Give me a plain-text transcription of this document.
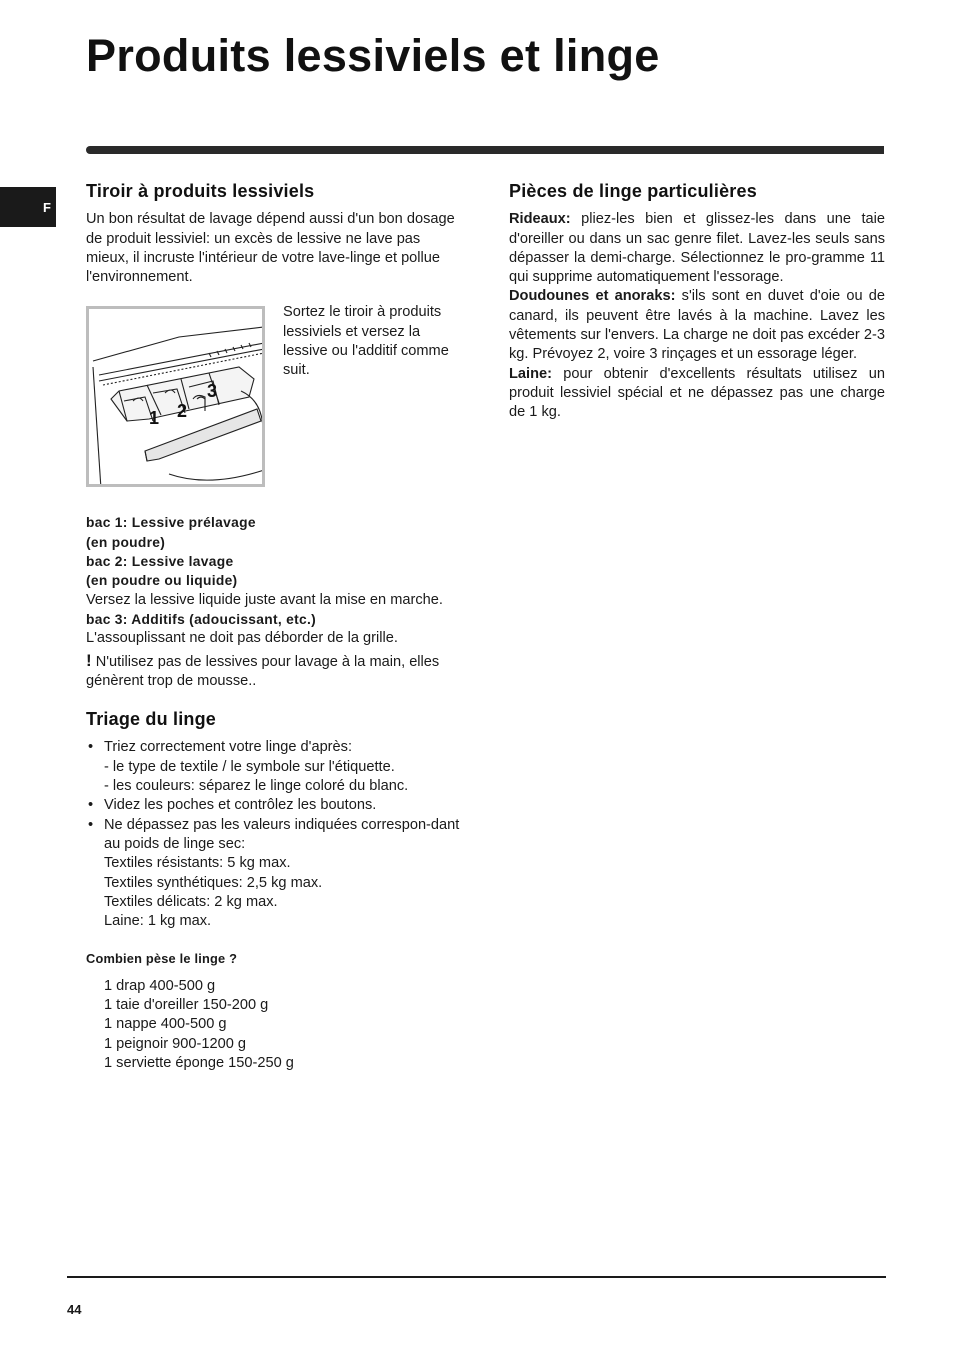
Produits lessiviels et linge
F
Tiroir à produits lessiviels

Un bon résultat de lavage dépend aussi d'un bon dosage de produit lessiviel: un excès de lessive ne lave pas mieux, il incruste l'intérieur de votre lave-linge et pollue l'environnement.

1 2
3

Sortez le tiroir à produits lessiviels et versez la lessive ou l'additif comme suit.

bac 1: Lessive prélavage

(en poudre)

bac 2: Lessive lavage

(en poudre ou liquide)

Versez la lessive liquide juste avant la mise en marche.

bac 3: Additifs (adoucissant, etc.)

L'assouplissant ne doit pas déborder de la grille.

! N'utilisez pas de lessives pour lavage à la main, elles génèrent trop de mousse..

Triage du linge
• Triez correctement votre linge d'après:
- le type de textile / le symbole sur l'étiquette.
- les couleurs: séparez le linge coloré du blanc.
• Videz les poches et contrôlez les boutons.
• Ne dépassez pas les valeurs indiquées correspon-dant au poids de linge sec:
Textiles résistants: 5 kg max.
Textiles synthétiques: 2,5 kg max.
Textiles délicats: 2 kg max.
Laine: 1 kg max.

Combien pèse le linge ?

1 drap 400-500 g

1 taie d'oreiller 150-200 g

1 nappe 400-500 g

1 peignoir 900-1200 g

1 serviette éponge 150-250 g

Pièces de linge particulières

Rideaux: pliez-les bien et glissez-les dans une taie d'oreiller ou dans un sac genre filet. Lavez-les seuls sans dépasser la demi-charge. Sélectionnez le pro-gramme 11 qui supprime automatiquement l'essorage.

Doudounes et anoraks: s'ils sont en duvet d'oie ou de canard, ils peuvent être lavés à la machine. Lavez les vêtements sur l'envers. La charge ne doit pas excéder 2-3 kg. Prévoyez 2, voire 3 rinçages et un essorage léger.

Laine: pour obtenir d'excellents résultats utilisez un produit lessiviel spécial et ne dépassez pas une charge de 1 kg.

44
